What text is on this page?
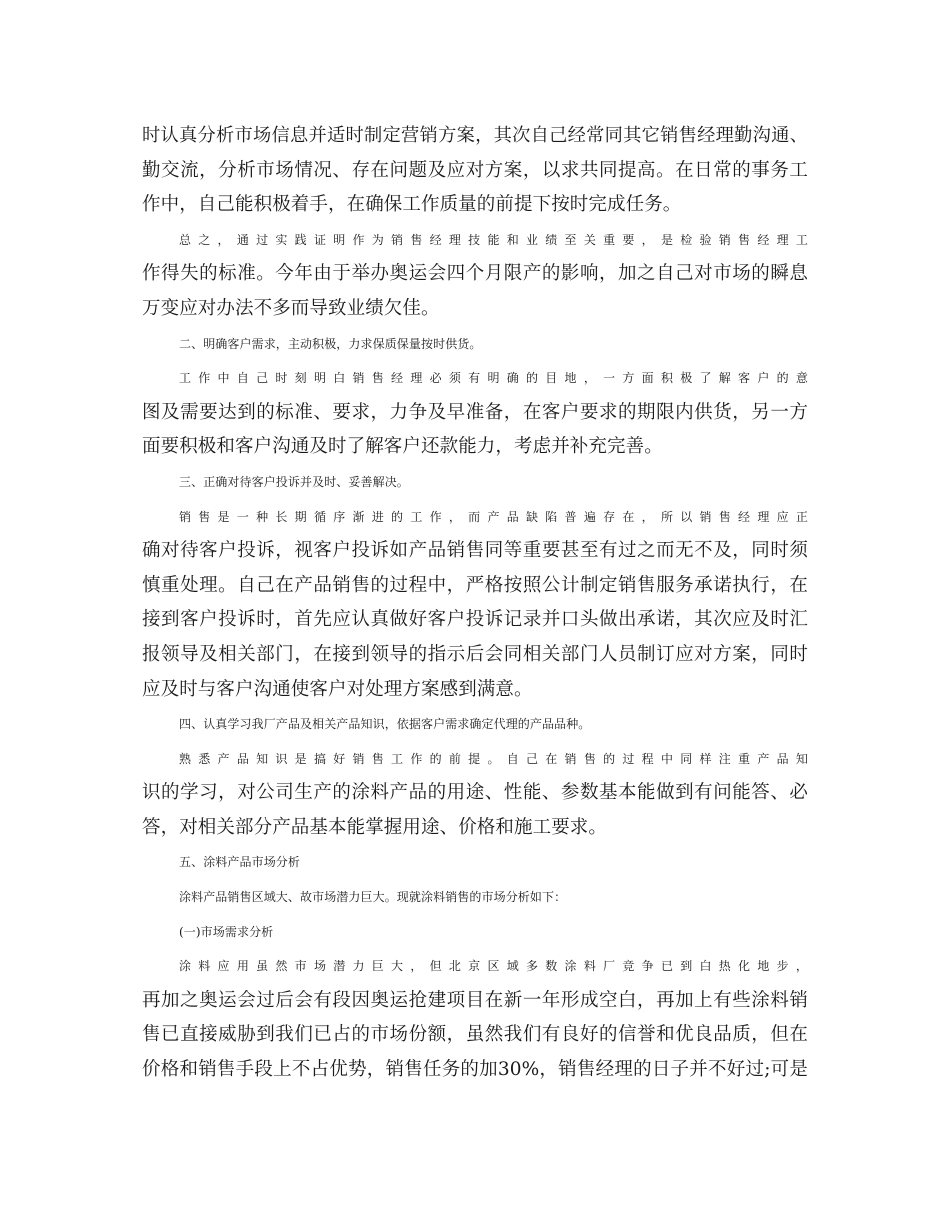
时认真分析市场信息并适时制定营销方案，其次自己经常同其它销售经理勤沟通、
勤交流，分析市场情况、存在问题及应对方案，以求共同提高。在日常的事务工
作中，自己能积极着手，在确保工作质量的前提下按时完成任务。
总之，通过实践证明作为销售经理技能和业绩至关重要，是检验销售经理工
作得失的标准。今年由于举办奥运会四个月限产的影响，加之自己对市场的瞬息
万变应对办法不多而导致业绩欠佳。
二、明确客户需求，主动积极，力求保质保量按时供货。
工作中自己时刻明白销售经理必须有明确的目地，一方面积极了解客户的意
图及需要达到的标准、要求，力争及早准备，在客户要求的期限内供货，另一方
面要积极和客户沟通及时了解客户还款能力，考虑并补充完善。
三、正确对待客户投诉并及时、妥善解决。
销售是一种长期循序渐进的工作，而产品缺陷普遍存在，所以销售经理应正
确对待客户投诉，视客户投诉如产品销售同等重要甚至有过之而无不及，同时须
慎重处理。自己在产品销售的过程中，严格按照公计制定销售服务承诺执行，在
接到客户投诉时，首先应认真做好客户投诉记录并口头做出承诺，其次应及时汇
报领导及相关部门，在接到领导的指示后会同相关部门人员制订应对方案，同时
应及时与客户沟通使客户对处理方案感到满意。
四、认真学习我厂产品及相关产品知识，依据客户需求确定代理的产品品种。
熟悉产品知识是搞好销售工作的前提。自己在销售的过程中同样注重产品知
识的学习，对公司生产的涂料产品的用途、性能、参数基本能做到有问能答、必
答，对相关部分产品基本能掌握用途、价格和施工要求。
五、涂料产品市场分析
涂料产品销售区域大、故市场潜力巨大。现就涂料销售的市场分析如下：
(一)市场需求分析
涂料应用虽然市场潜力巨大，但北京区域多数涂料厂竞争已到白热化地步，
再加之奥运会过后会有段因奥运抢建项目在新一年形成空白，再加上有些涂料销
售已直接威胁到我们已占的市场份额，虽然我们有良好的信誉和优良品质，但在
价格和销售手段上不占优势，销售任务的加30%，销售经理的日子并不好过;可是
